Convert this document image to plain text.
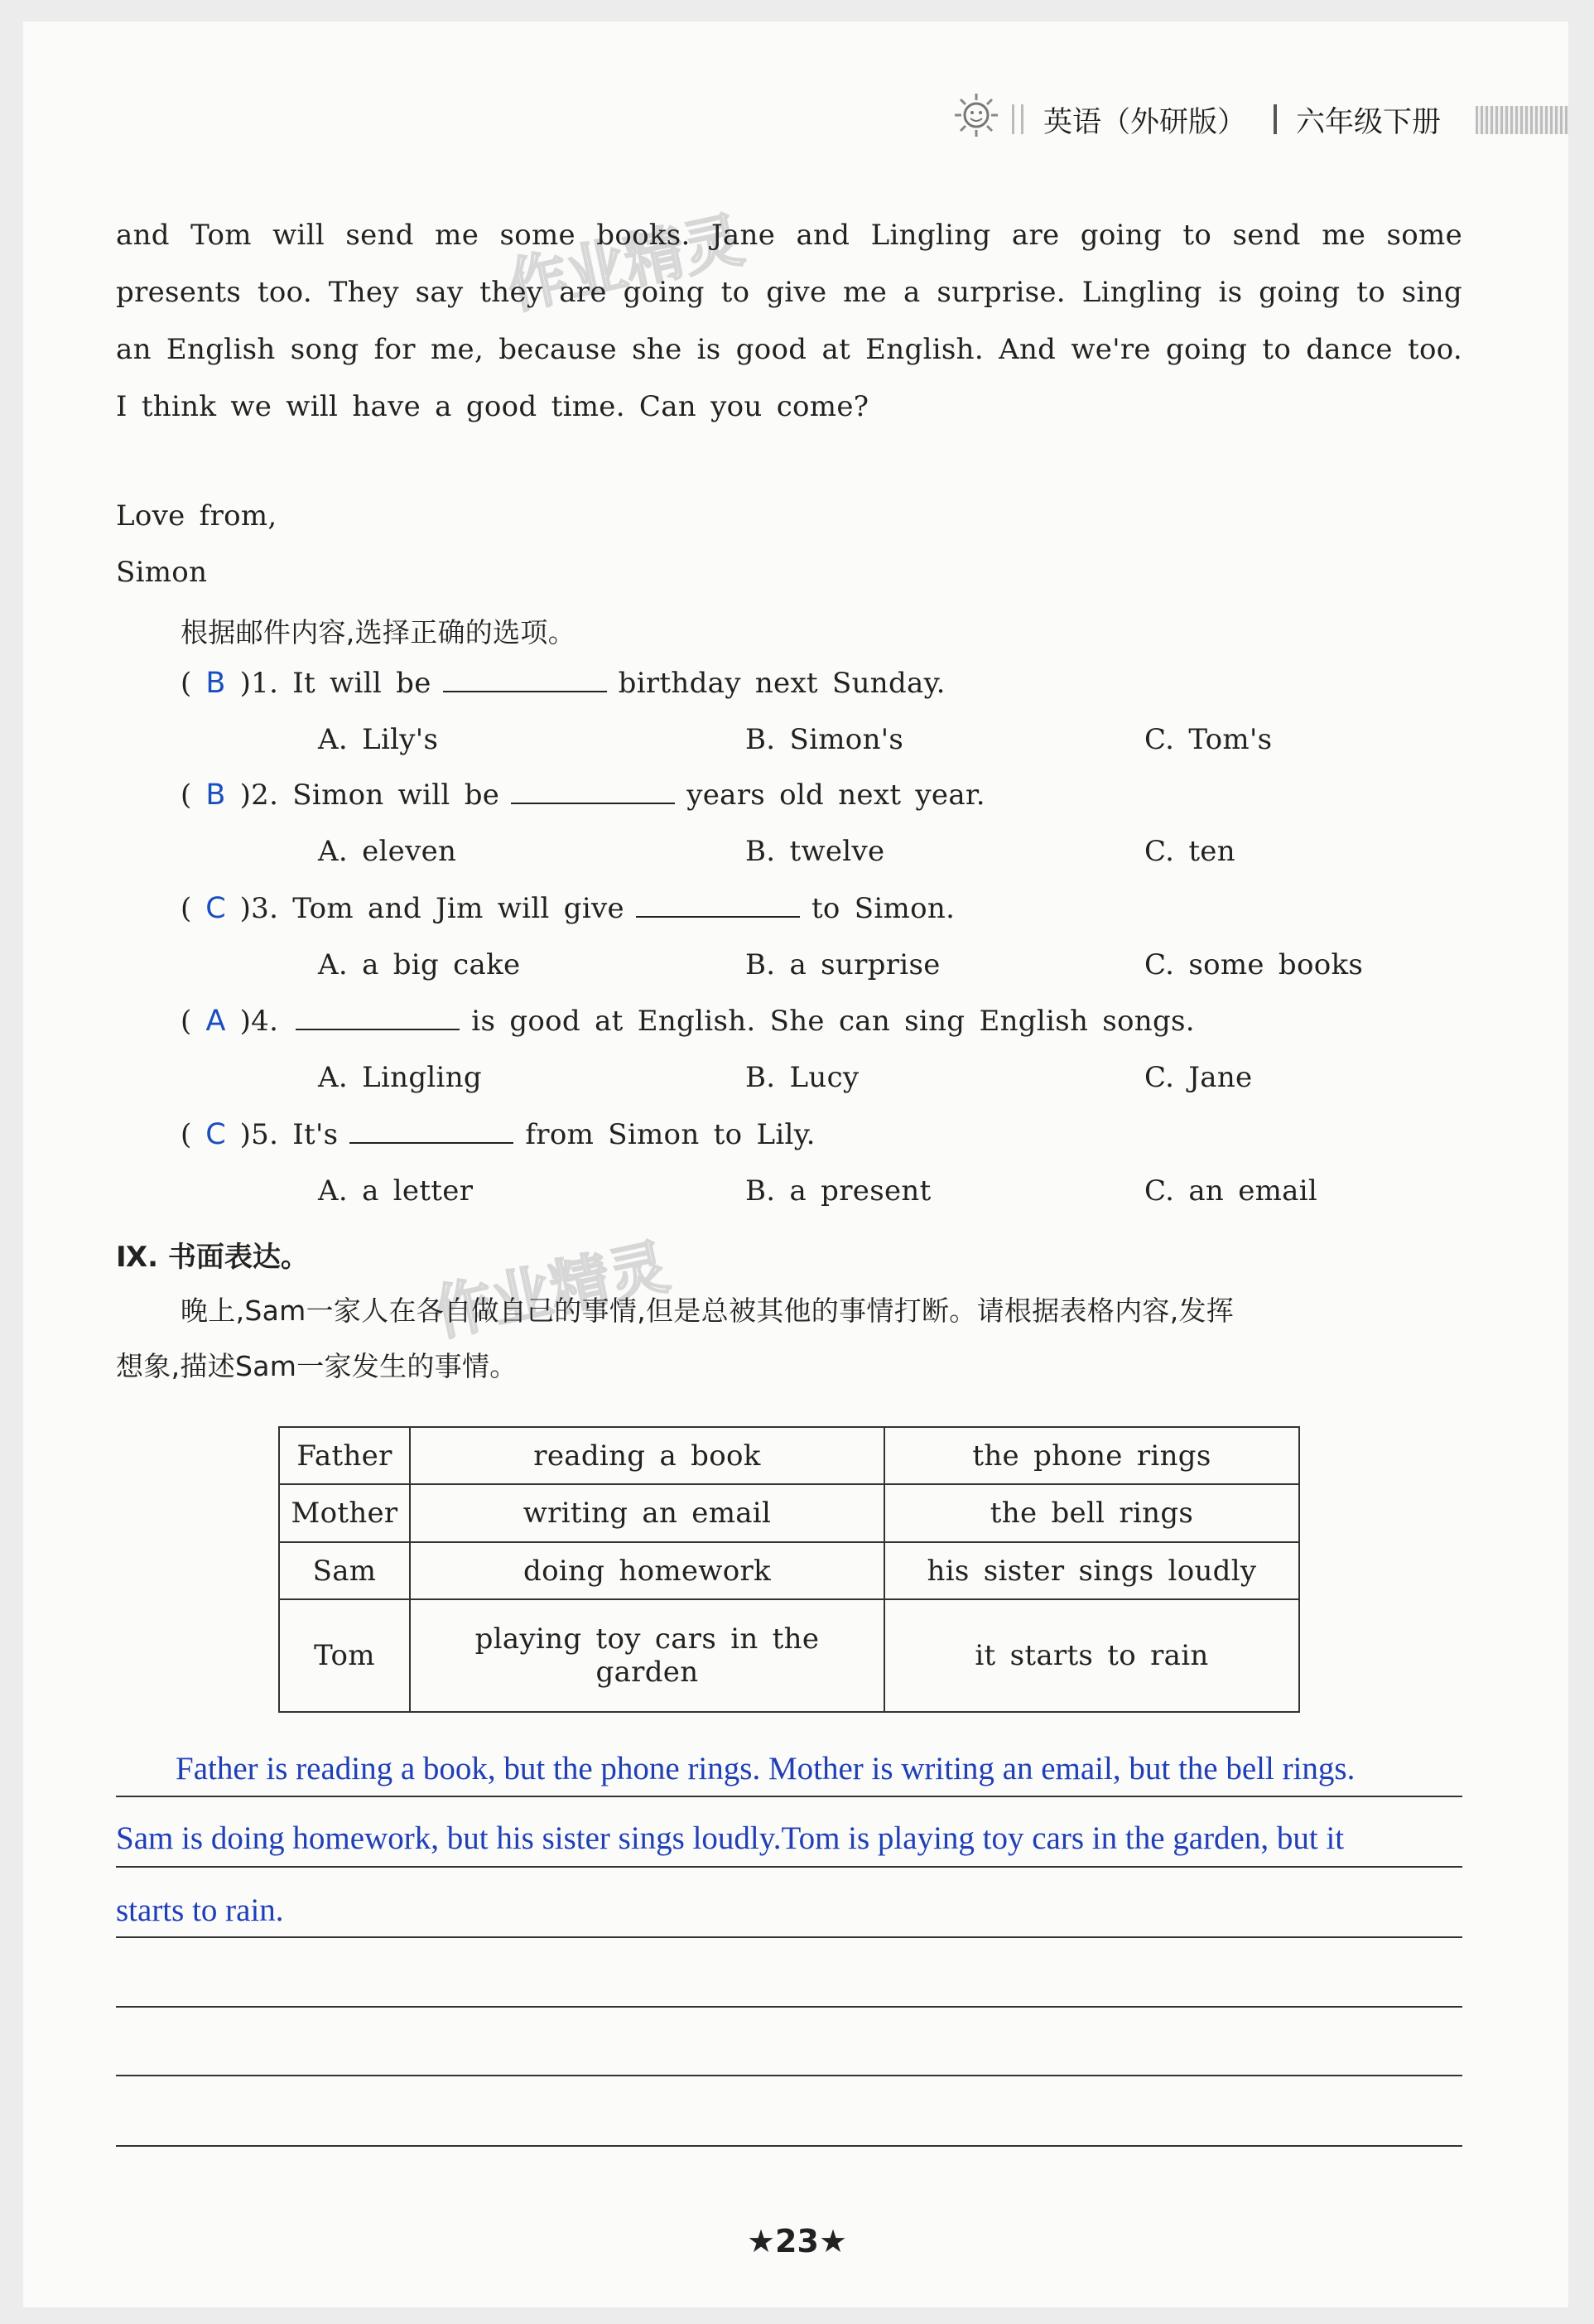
英语（外研版） 六年级下册
作业精灵
作业精灵
and Tom will send me some books. Jane and Lingling are going to send me some presents too. They say they are going to give me a surprise. Lingling is going to sing an English song for me, because she is good at English. And we're going to dance too. I think we will have a good time. Can you come?
Love from,
Simon
根据邮件内容,选择正确的选项。
( B )1. It will be	birthday next Sunday.
A. Lily's	B. Simon's	C. Tom's
( B )2. Simon will be	years old next year.
A. eleven	B. twelve	C. ten
( C )3. Tom and Jim will give	to Simon.
A. a big cake	B. a surprise	C. some books
( A )4.	is good at English. She can sing English songs.
A. Lingling	B. Lucy	C. Jane
( C )5. It's	from Simon to Lily.
A. a letter	B. a present	C. an email
Ⅸ. 书面表达。
晚上,Sam一家人在各自做自己的事情,但是总被其他的事情打断。请根据表格内容,发挥
想象,描述Sam一家发生的事情。
Father	reading a book	the phone rings
Mother	writing an email	the bell rings
Sam	doing homework	his sister sings loudly
Tom	playing toy cars in the garden	it starts to rain
Father is reading a book, but the phone rings. Mother is writing an email, but the bell rings.
Sam is doing homework, but his sister sings loudly.Tom is playing toy cars in the garden, but it
starts to rain.
★23★
